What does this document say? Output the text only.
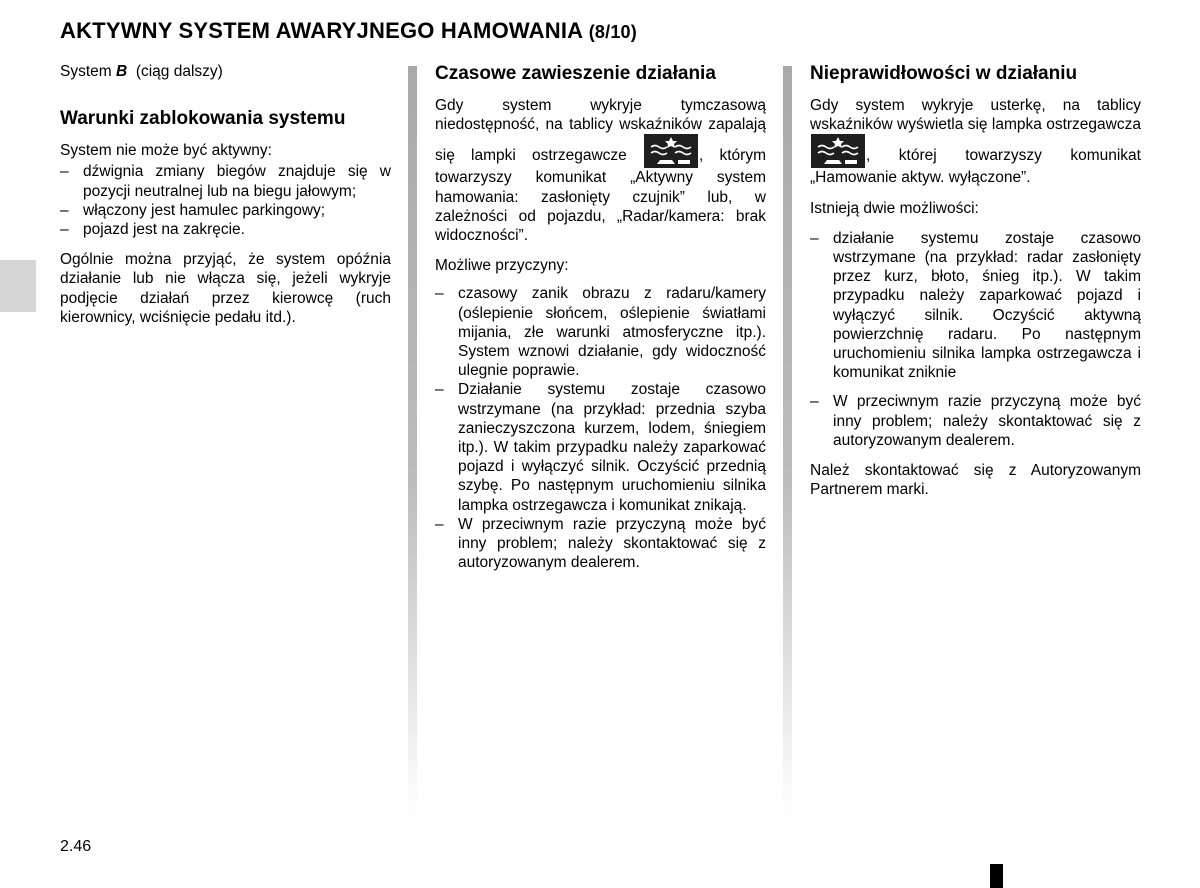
AKTYWNY SYSTEM AWARYJNEGO HAMOWANIA (8/10)

System B (ciąg dalszy)

Warunki zablokowania systemu

System nie może być aktywny:

– dźwignia zmiany biegów znajduje się w pozycji neutralnej lub na biegu jałowym;
– włączony jest hamulec parkingowy;
– pojazd jest na zakręcie.

Ogólnie można przyjąć, że system opóźnia działanie lub nie włącza się, jeżeli wykryje podjęcie działań przez kierowcę (ruch kierownicy, wciśnięcie pedału itd.).

Czasowe zawieszenie działania

Gdy system wykryje tymczasową niedostępność, na tablicy wskaźników zapalają się lampki ostrzegawcze	, którym towarzyszy komunikat „Aktywny system hamowania: zasłonięty czujnik” lub, w zależności od pojazdu, „Radar/kamera: brak widoczności”.

Możliwe przyczyny:

– czasowy zanik obrazu z radaru/kamery (oślepienie słońcem, oślepienie światłami mijania, złe warunki atmosferyczne itp.). System wznowi działanie, gdy widoczność ulegnie poprawie.
– Działanie systemu zostaje czasowo wstrzymane (na przykład: przednia szyba zanieczyszczona kurzem, lodem, śniegiem itp.). W takim przypadku należy zaparkować pojazd i wyłączyć silnik. Oczyścić przednią szybę. Po następnym uruchomieniu silnika lampka ostrzegawcza i komunikat znikają.
– W przeciwnym razie przyczyną może być inny problem; należy skontaktować się z autoryzowanym dealerem.
Nieprawidłowości w działaniu

Gdy system wykryje usterkę, na tablicy wskaźników wyświetla się lampka ostrzegawcza
, której towarzyszy komunikat „Hamowanie aktyw. wyłączone”.

Istnieją dwie możliwości:

– działanie systemu zostaje czasowo wstrzymane (na przykład: radar zasłonięty przez kurz, błoto, śnieg itp.). W takim przypadku należy zaparkować pojazd i wyłączyć silnik. Oczyścić aktywną powierzchnię radaru. Po następnym uruchomieniu silnika lampka ostrzegawcza i komunikat zniknie
– W przeciwnym razie przyczyną może być inny problem; należy skontaktować się z autoryzowanym dealerem.

Należ skontaktować się z Autoryzowanym Partnerem marki.

2.46
